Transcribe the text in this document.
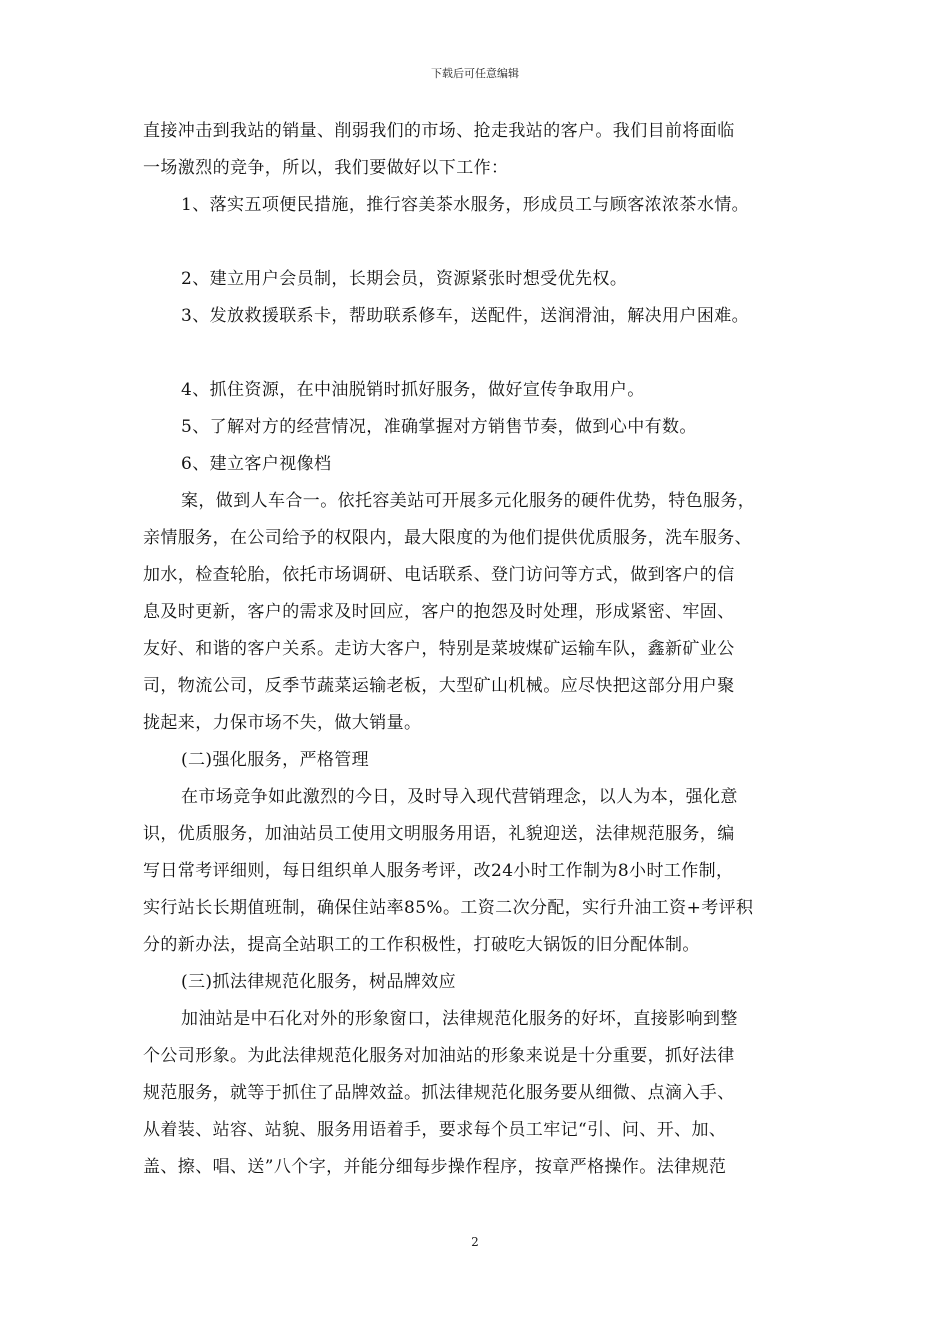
下载后可任意编辑
直接冲击到我站的销量、削弱我们的市场、抢走我站的客户。我们目前将面临
一场激烈的竞争，所以，我们要做好以下工作：
1、落实五项便民措施，推行容美茶水服务，形成员工与顾客浓浓茶水情。
2、建立用户会员制，长期会员，资源紧张时想受优先权。
3、发放救援联系卡，帮助联系修车，送配件，送润滑油，解决用户困难。
4、抓住资源，在中油脱销时抓好服务，做好宣传争取用户。
5、了解对方的经营情况，准确掌握对方销售节奏，做到心中有数。
6、建立客户视像档
案，做到人车合一。依托容美站可开展多元化服务的硬件优势，特色服务，
亲情服务，在公司给予的权限内，最大限度的为他们提供优质服务，洗车服务、
加水，检查轮胎，依托市场调研、电话联系、登门访问等方式，做到客户的信
息及时更新，客户的需求及时回应，客户的抱怨及时处理，形成紧密、牢固、
友好、和谐的客户关系。走访大客户，特别是菜坡煤矿运输车队，鑫新矿业公
司，物流公司，反季节蔬菜运输老板，大型矿山机械。应尽快把这部分用户聚
拢起来，力保市场不失，做大销量。
(二)强化服务，严格管理
在市场竞争如此激烈的今日，及时导入现代营销理念，以人为本，强化意
识，优质服务，加油站员工使用文明服务用语，礼貌迎送，法律规范服务，编
写日常考评细则，每日组织单人服务考评，改24小时工作制为8小时工作制，
实行站长长期值班制，确保住站率85%。工资二次分配，实行升油工资+考评积
分的新办法，提高全站职工的工作积极性，打破吃大锅饭的旧分配体制。
(三)抓法律规范化服务，树品牌效应
加油站是中石化对外的形象窗口，法律规范化服务的好坏，直接影响到整
个公司形象。为此法律规范化服务对加油站的形象来说是十分重要，抓好法律
规范服务，就等于抓住了品牌效益。抓法律规范化服务要从细微、点滴入手、
从着装、站容、站貌、服务用语着手，要求每个员工牢记“引、问、开、加、
盖、擦、唱、送”八个字，并能分细每步操作程序，按章严格操作。法律规范
2
